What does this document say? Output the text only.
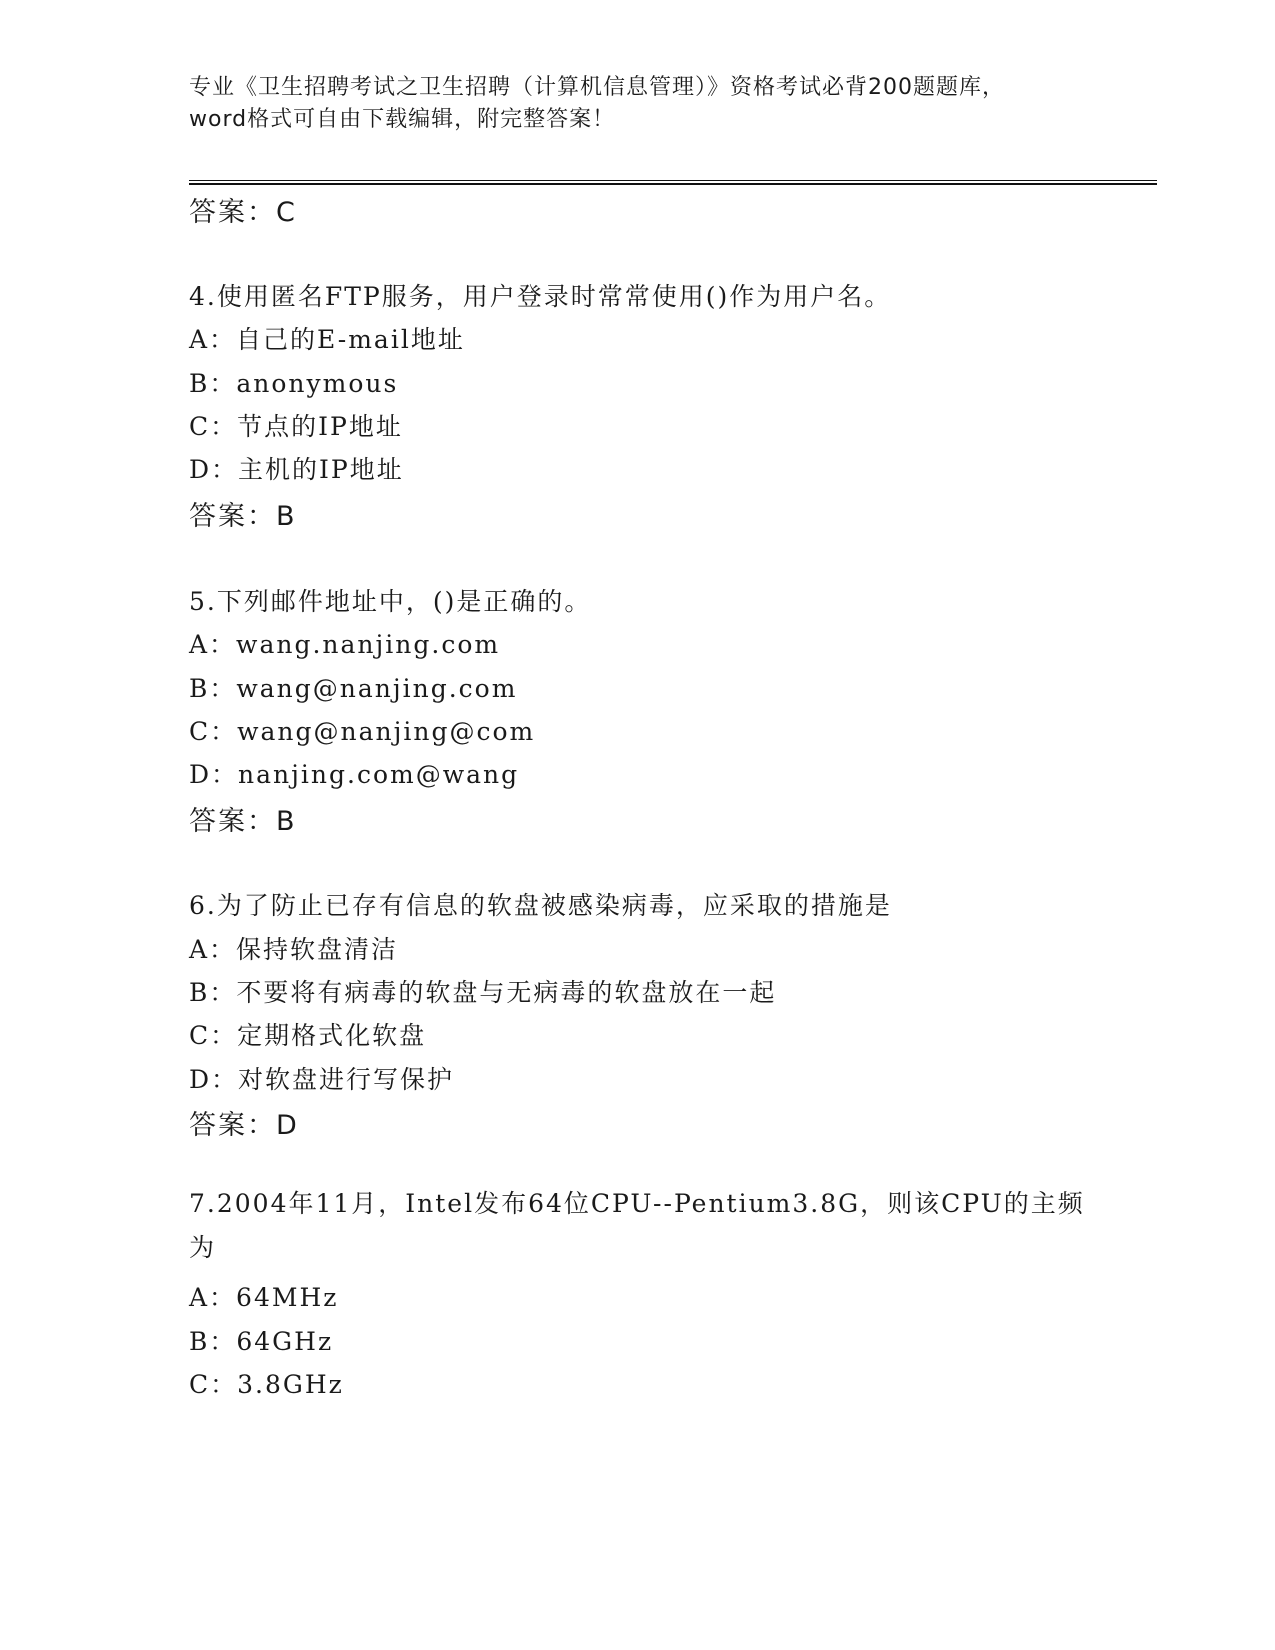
专业《卫生招聘考试之卫生招聘（计算机信息管理）》资格考试必背200题题库，
word格式可自由下载编辑，附完整答案！
答案：C
4.使用匿名FTP服务，用户登录时常常使用()作为用户名。
A：自己的E-mail地址
B：anonymous
C：节点的IP地址
D：主机的IP地址
答案：B
5.下列邮件地址中，()是正确的。
A：wang.nanjing.com
B：wang@nanjing.com
C：wang@nanjing@com
D：nanjing.com@wang
答案：B
6.为了防止已存有信息的软盘被感染病毒，应采取的措施是
A：保持软盘清洁
B：不要将有病毒的软盘与无病毒的软盘放在一起
C：定期格式化软盘
D：对软盘进行写保护
答案：D
7.2004年11月，Intel发布64位CPU--Pentium3.8G，则该CPU的主频为
A：64MHz
B：64GHz
C：3.8GHz
